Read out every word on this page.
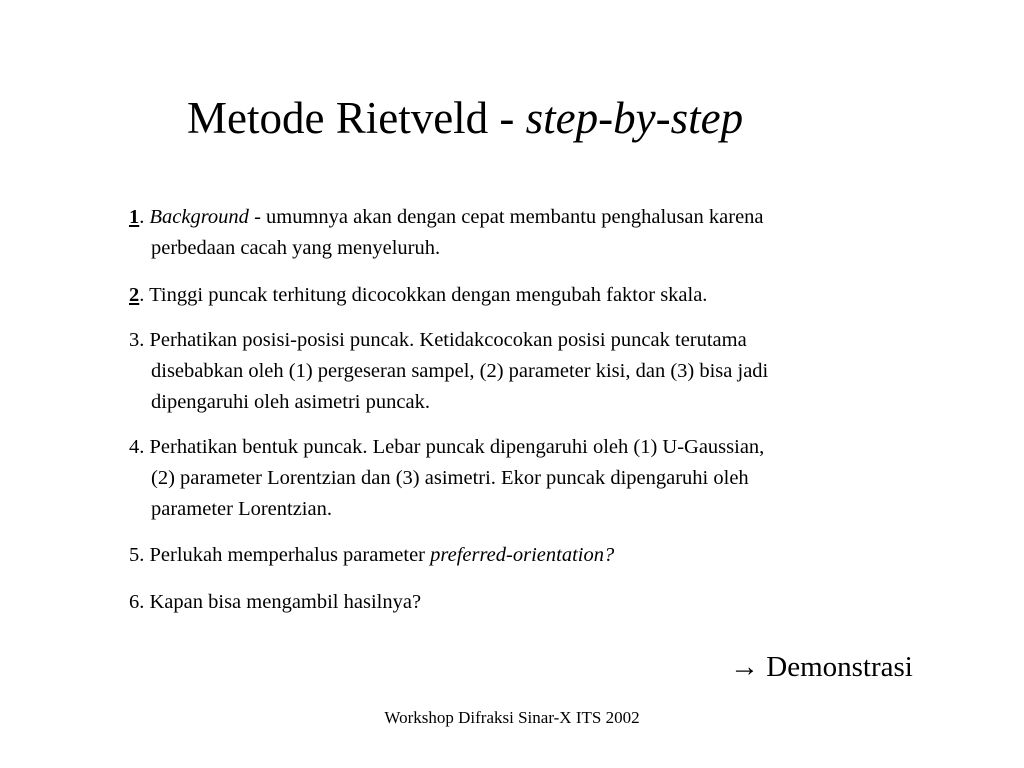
Metode Rietveld - step-by-step
1. Background - umumnya akan dengan cepat membantu penghalusan karena
perbedaan cacah yang menyeluruh.
2. Tinggi puncak terhitung dicocokkan dengan mengubah faktor skala.
3. Perhatikan posisi-posisi puncak. Ketidakcocokan posisi puncak terutama
disebabkan oleh (1) pergeseran sampel, (2) parameter kisi, dan (3) bisa jadi
dipengaruhi oleh asimetri puncak.
4. Perhatikan bentuk puncak. Lebar puncak dipengaruhi oleh (1) U-Gaussian,
(2) parameter Lorentzian dan (3) asimetri. Ekor puncak dipengaruhi oleh
parameter Lorentzian.
5. Perlukah memperhalus parameter preferred-orientation?
6. Kapan bisa mengambil hasilnya?
→ Demonstrasi
Workshop Difraksi Sinar-X ITS 2002
